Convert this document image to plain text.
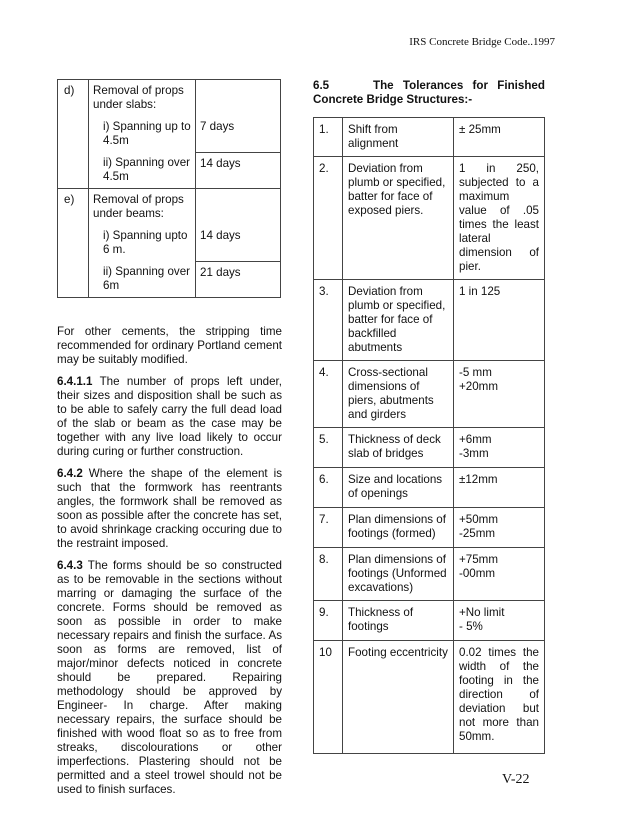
IRS Concrete Bridge Code..1997
d)	Removal of props under slabs:	

	i) Spanning up to 4.5m	7 days

	ii) Spanning over 4.5m	14 days
e)	Removal of props under beams:	

	i) Spanning upto 6 m.	14 days

	ii) Spanning over 6m	21 days
For other cements, the stripping time recommended for ordinary Portland cement may be suitably modified.
6.4.1.1 The number of props left under, their sizes and disposition shall be such as to be able to safely carry the full dead load of the slab or beam as the case may be together with any live load likely to occur during curing or further construction.
6.4.2 Where the shape of the element is such that the formwork has reentrants angles, the formwork shall be removed as soon as possible after the concrete has set, to avoid shrinkage cracking occuring due to the restraint imposed.
6.4.3 The forms should be so constructed as to be removable in the sections without marring or damaging the surface of the concrete. Forms should be removed as soon as possible in order to make necessary repairs and finish the surface. As soon as forms are removed, list of major/minor defects noticed in concrete should be prepared. Repairing methodology should be approved by Engineer- In charge. After making necessary repairs, the surface should be finished with wood float so as to free from streaks, discolourations or other imperfections. Plastering should not be permitted and a steel trowel should not be used to finish surfaces.
6.5	The Tolerances for Finished
Concrete Bridge Structures:-
1.	Shift from alignment	± 25mm
2.	Deviation from plumb or specified, batter for face of exposed piers.	1 in 250, subjected to a maximum value of .05 times the least lateral dimension of pier.
3.	Deviation from plumb or specified, batter for face of backfilled abutments	1 in 125
4.	Cross-sectional dimensions of piers, abutments and girders	-5 mm
+20mm
5.	Thickness of deck slab of bridges	+6mm
-3mm
6.	Size and locations of openings	±12mm
7.	Plan dimensions of footings (formed)	+50mm
-25mm
8.	Plan dimensions of footings (Unformed excavations)	+75mm
-00mm
9.	Thickness of footings	+No limit
- 5%
10	Footing eccentricity	0.02 times the width of the footing in the direction of deviation but not more than 50mm.
V-22
